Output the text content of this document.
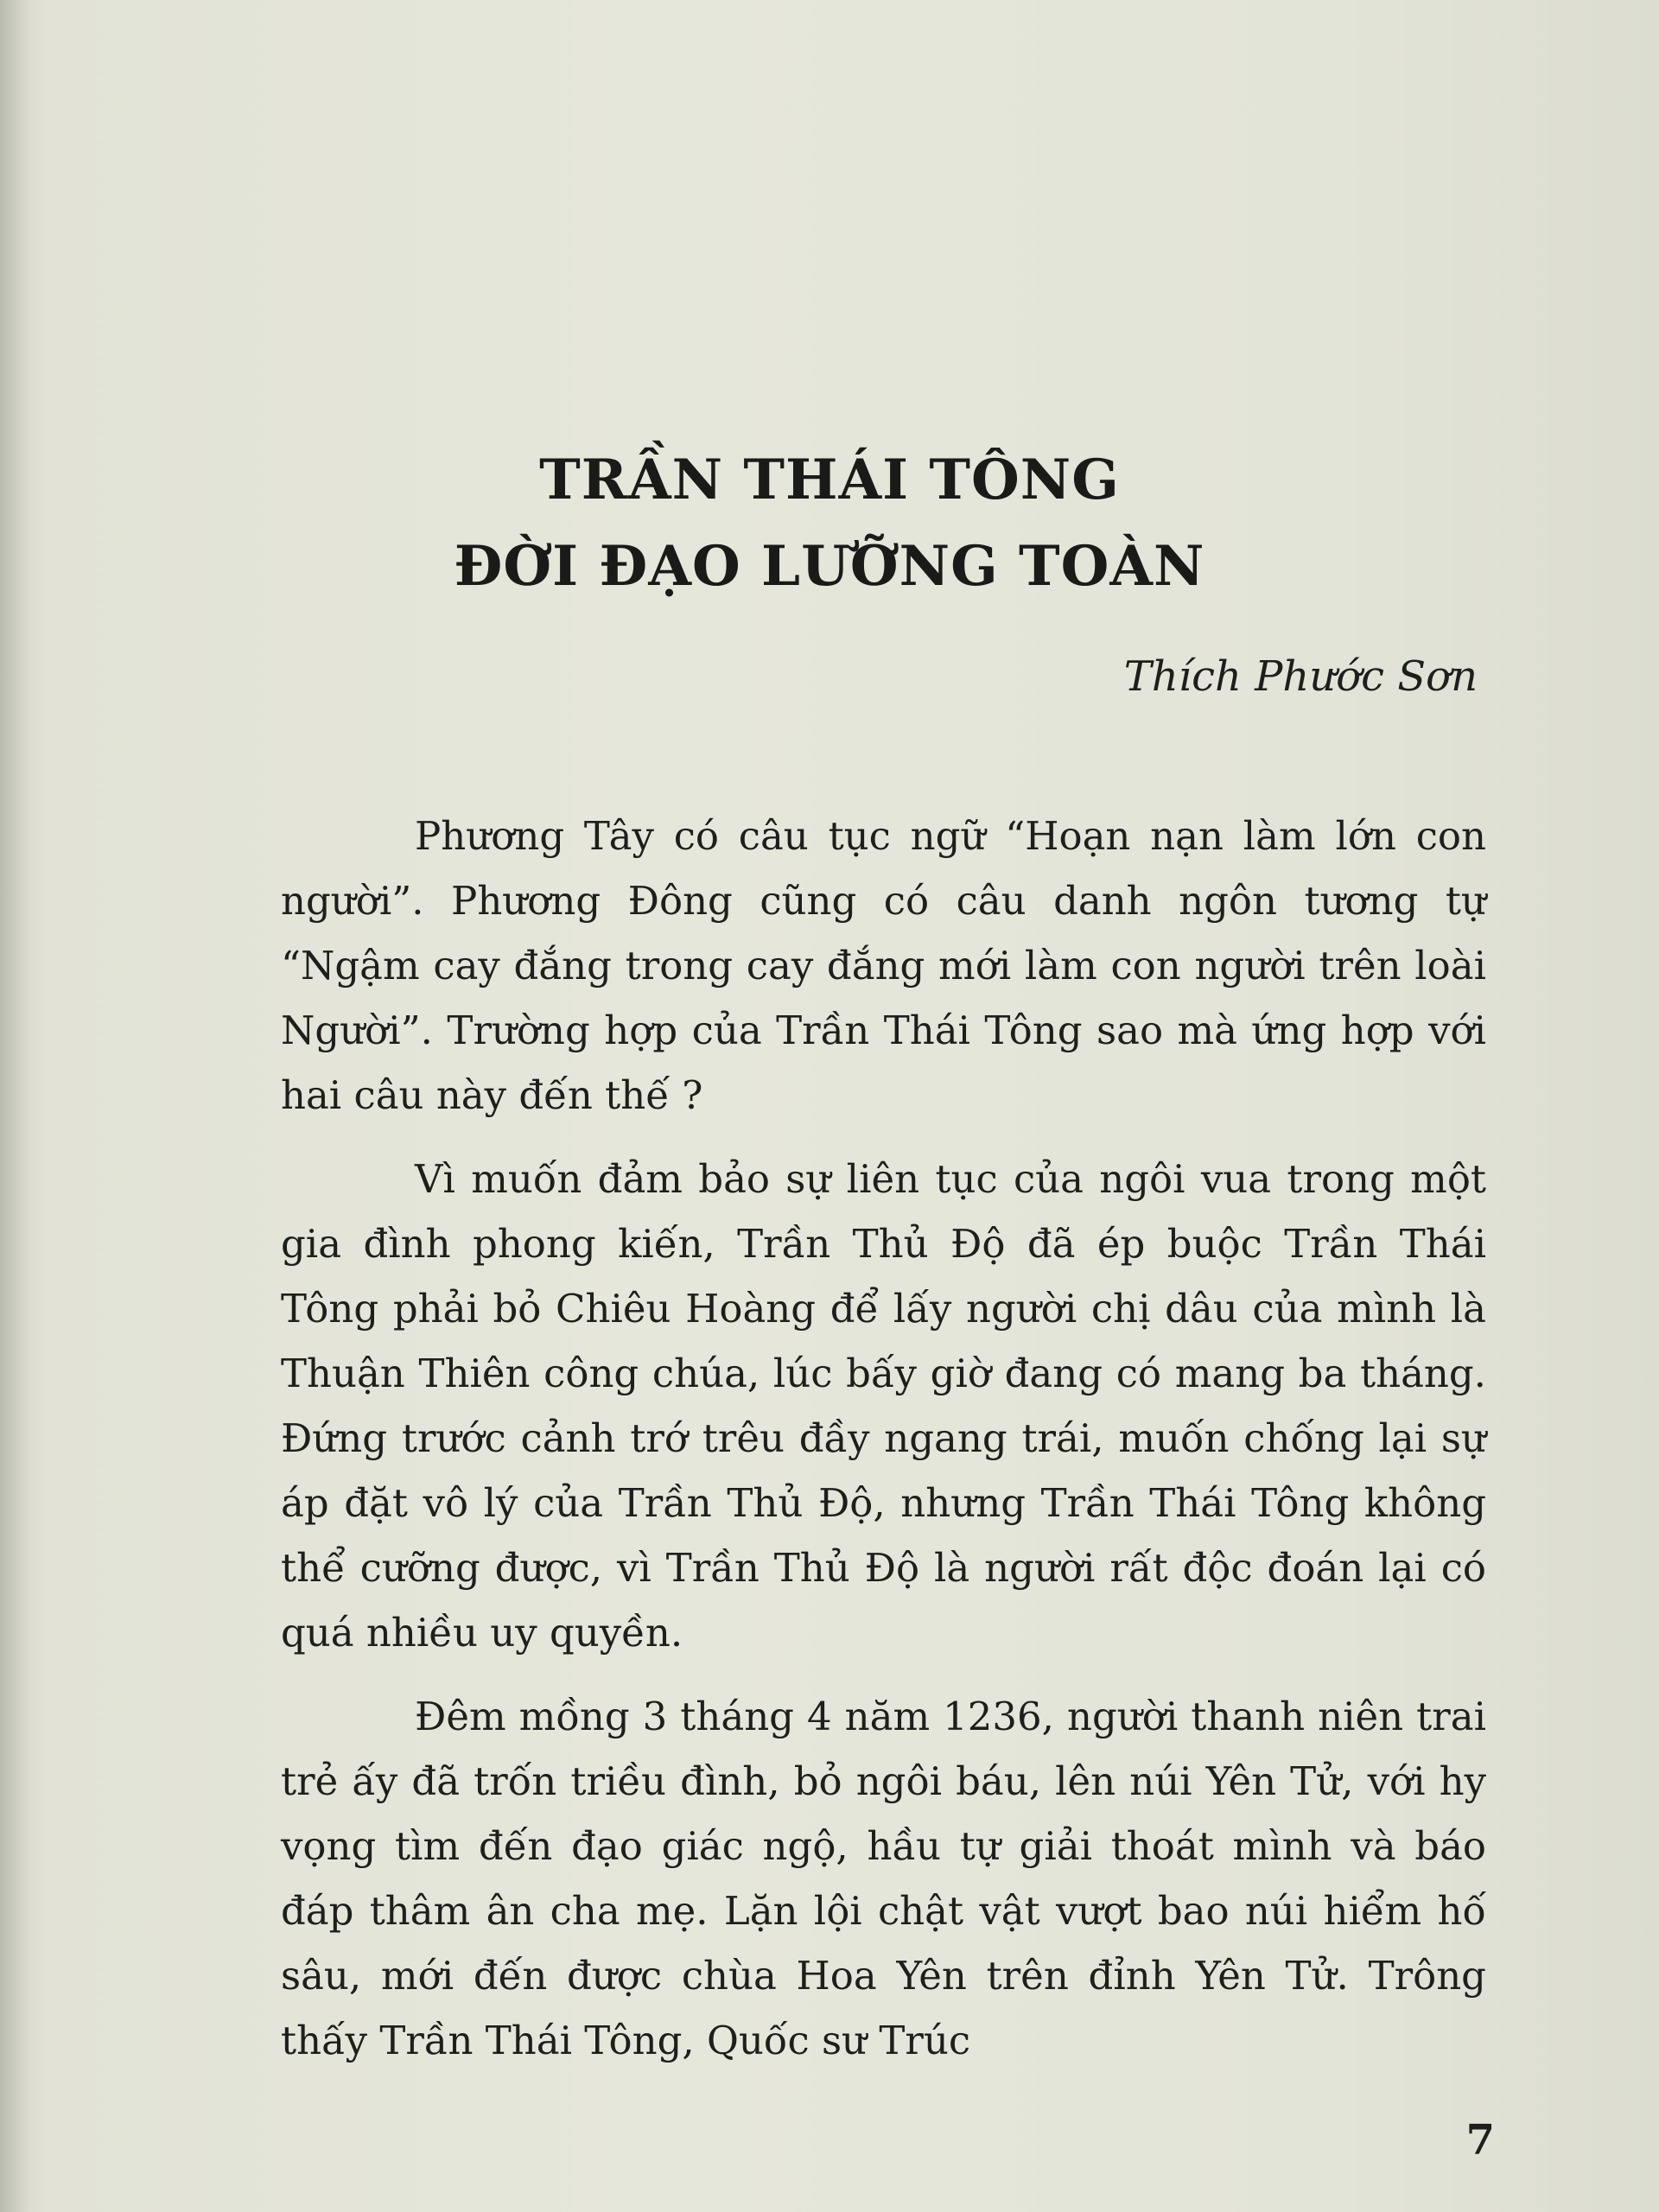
TRẦN THÁI TÔNG
ĐỜI ĐẠO LƯỠNG TOÀN
Thích Phước Sơn

Phương Tây có câu tục ngữ “Hoạn nạn làm lớn con người”. Phương Đông cũng có câu danh ngôn tương tự “Ngậm cay đắng trong cay đắng mới làm con người trên loài Người”. Trường hợp của Trần Thái Tông sao mà ứng hợp với hai câu này đến thế ?

Vì muốn đảm bảo sự liên tục của ngôi vua trong một gia đình phong kiến, Trần Thủ Độ đã ép buộc Trần Thái Tông phải bỏ Chiêu Hoàng để lấy người chị dâu của mình là Thuận Thiên công chúa, lúc bấy giờ đang có mang ba tháng. Đứng trước cảnh trớ trêu đầy ngang trái, muốn chống lại sự áp đặt vô lý của Trần Thủ Độ, nhưng Trần Thái Tông không thể cưỡng được, vì Trần Thủ Độ là người rất độc đoán lại có quá nhiều uy quyền.

Đêm mồng 3 tháng 4 năm 1236, người thanh niên trai trẻ ấy đã trốn triều đình, bỏ ngôi báu, lên núi Yên Tử, với hy vọng tìm đến đạo giác ngộ, hầu tự giải thoát mình và báo đáp thâm ân cha mẹ. Lặn lội chật vật vượt bao núi hiểm hố sâu, mới đến được chùa Hoa Yên trên đỉnh Yên Tử. Trông thấy Trần Thái Tông, Quốc sư Trúc

7
